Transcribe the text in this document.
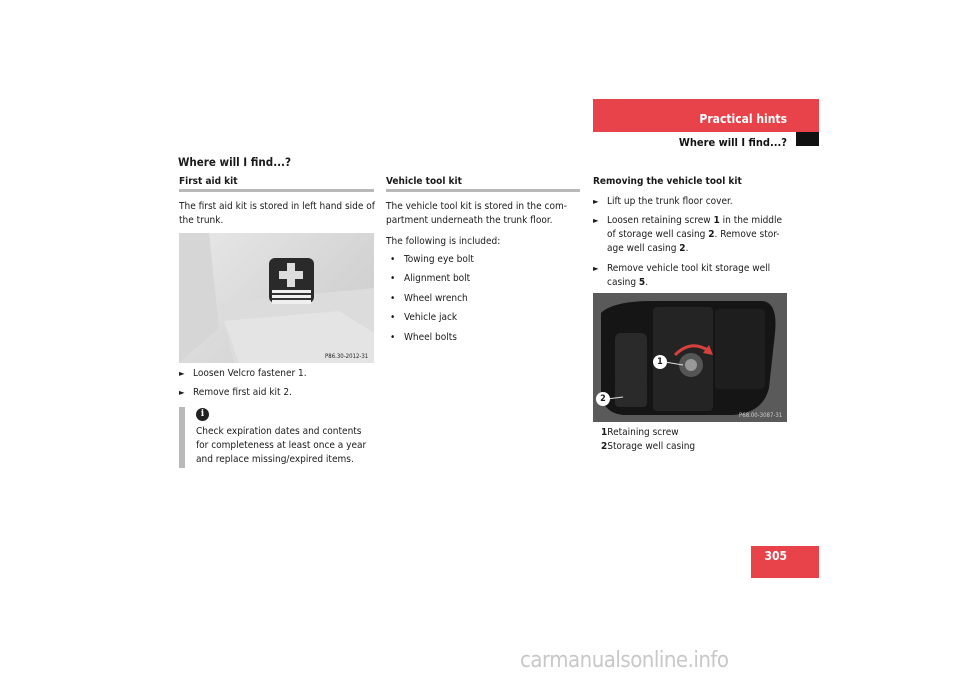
Practical hints
Where will I find...?
Where will I find...?
First aid kit
The first aid kit is stored in left hand side of the trunk.
P86.30-2012-31
► Loosen Velcro fastener 1.
► Remove first aid kit 2.
i
Check expiration dates and contents for completeness at least once a year and replace missing/expired items.
Vehicle tool kit
The vehicle tool kit is stored in the com-
partment underneath the trunk floor.
The following is included:
• Towing eye bolt
• Alignment bolt
• Wheel wrench
• Vehicle jack
• Wheel bolts
Removing the vehicle tool kit
► Lift up the trunk floor cover.
► Loosen retaining screw 1 in the middle
of storage well casing 2. Remove stor-
age well casing 2.
► Remove vehicle tool kit storage well
casing 5.
1
2
P68.00-3087-31
1Retaining screw
2Storage well casing
305
carmanualsonline.info
